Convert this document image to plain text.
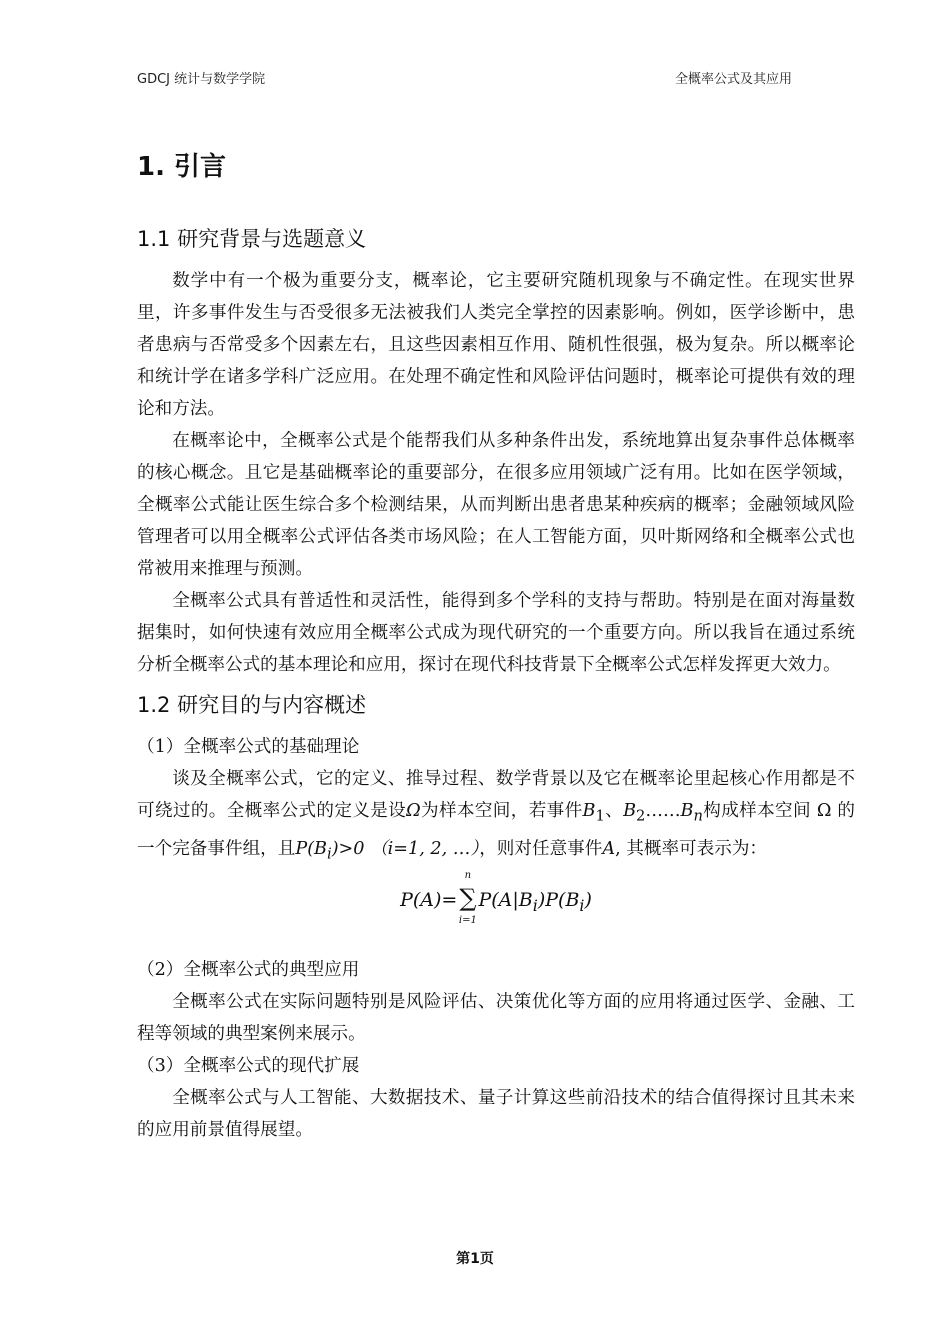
GDCJ 统计与数学学院	全概率公式及其应用
1. 引言
1.1 研究背景与选题意义

数学中有一个极为重要分支，概率论，它主要研究随机现象与不确定性。在现实世界里，许多事件发生与否受很多无法被我们人类完全掌控的因素影响。例如，医学诊断中，患者患病与否常受多个因素左右，且这些因素相互作用、随机性很强，极为复杂。所以概率论和统计学在诸多学科广泛应用。在处理不确定性和风险评估问题时，概率论可提供有效的理论和方法。

在概率论中，全概率公式是个能帮我们从多种条件出发，系统地算出复杂事件总体概率的核心概念。且它是基础概率论的重要部分，在很多应用领域广泛有用。比如在医学领域，全概率公式能让医生综合多个检测结果，从而判断出患者患某种疾病的概率；金融领域风险管理者可以用全概率公式评估各类市场风险；在人工智能方面，贝叶斯网络和全概率公式也常被用来推理与预测。

全概率公式具有普适性和灵活性，能得到多个学科的支持与帮助。特别是在面对海量数据集时，如何快速有效应用全概率公式成为现代研究的一个重要方向。所以我旨在通过系统分析全概率公式的基本理论和应用，探讨在现代科技背景下全概率公式怎样发挥更大效力。

1.2 研究目的与内容概述

（1）全概率公式的基础理论

谈及全概率公式，它的定义、推导过程、数学背景以及它在概率论里起核心作用都是不可绕过的。全概率公式的定义是设Ω为样本空间，若事件$B_1$、$B_2\dots\dots B_n$构成样本空间 Ω 的一个完备事件组，且$P(B_i)>0$ （i=1, 2, …），则对任意事件A, 其概率可表示为：

P(A)=
n
∑
i=1
$P(A|B_i)P(B_i)$

（2）全概率公式的典型应用

全概率公式在实际问题特别是风险评估、决策优化等方面的应用将通过医学、金融、工程等领域的典型案例来展示。

（3）全概率公式的现代扩展

全概率公式与人工智能、大数据技术、量子计算这些前沿技术的结合值得探讨且其未来的应用前景值得展望。

第1页
